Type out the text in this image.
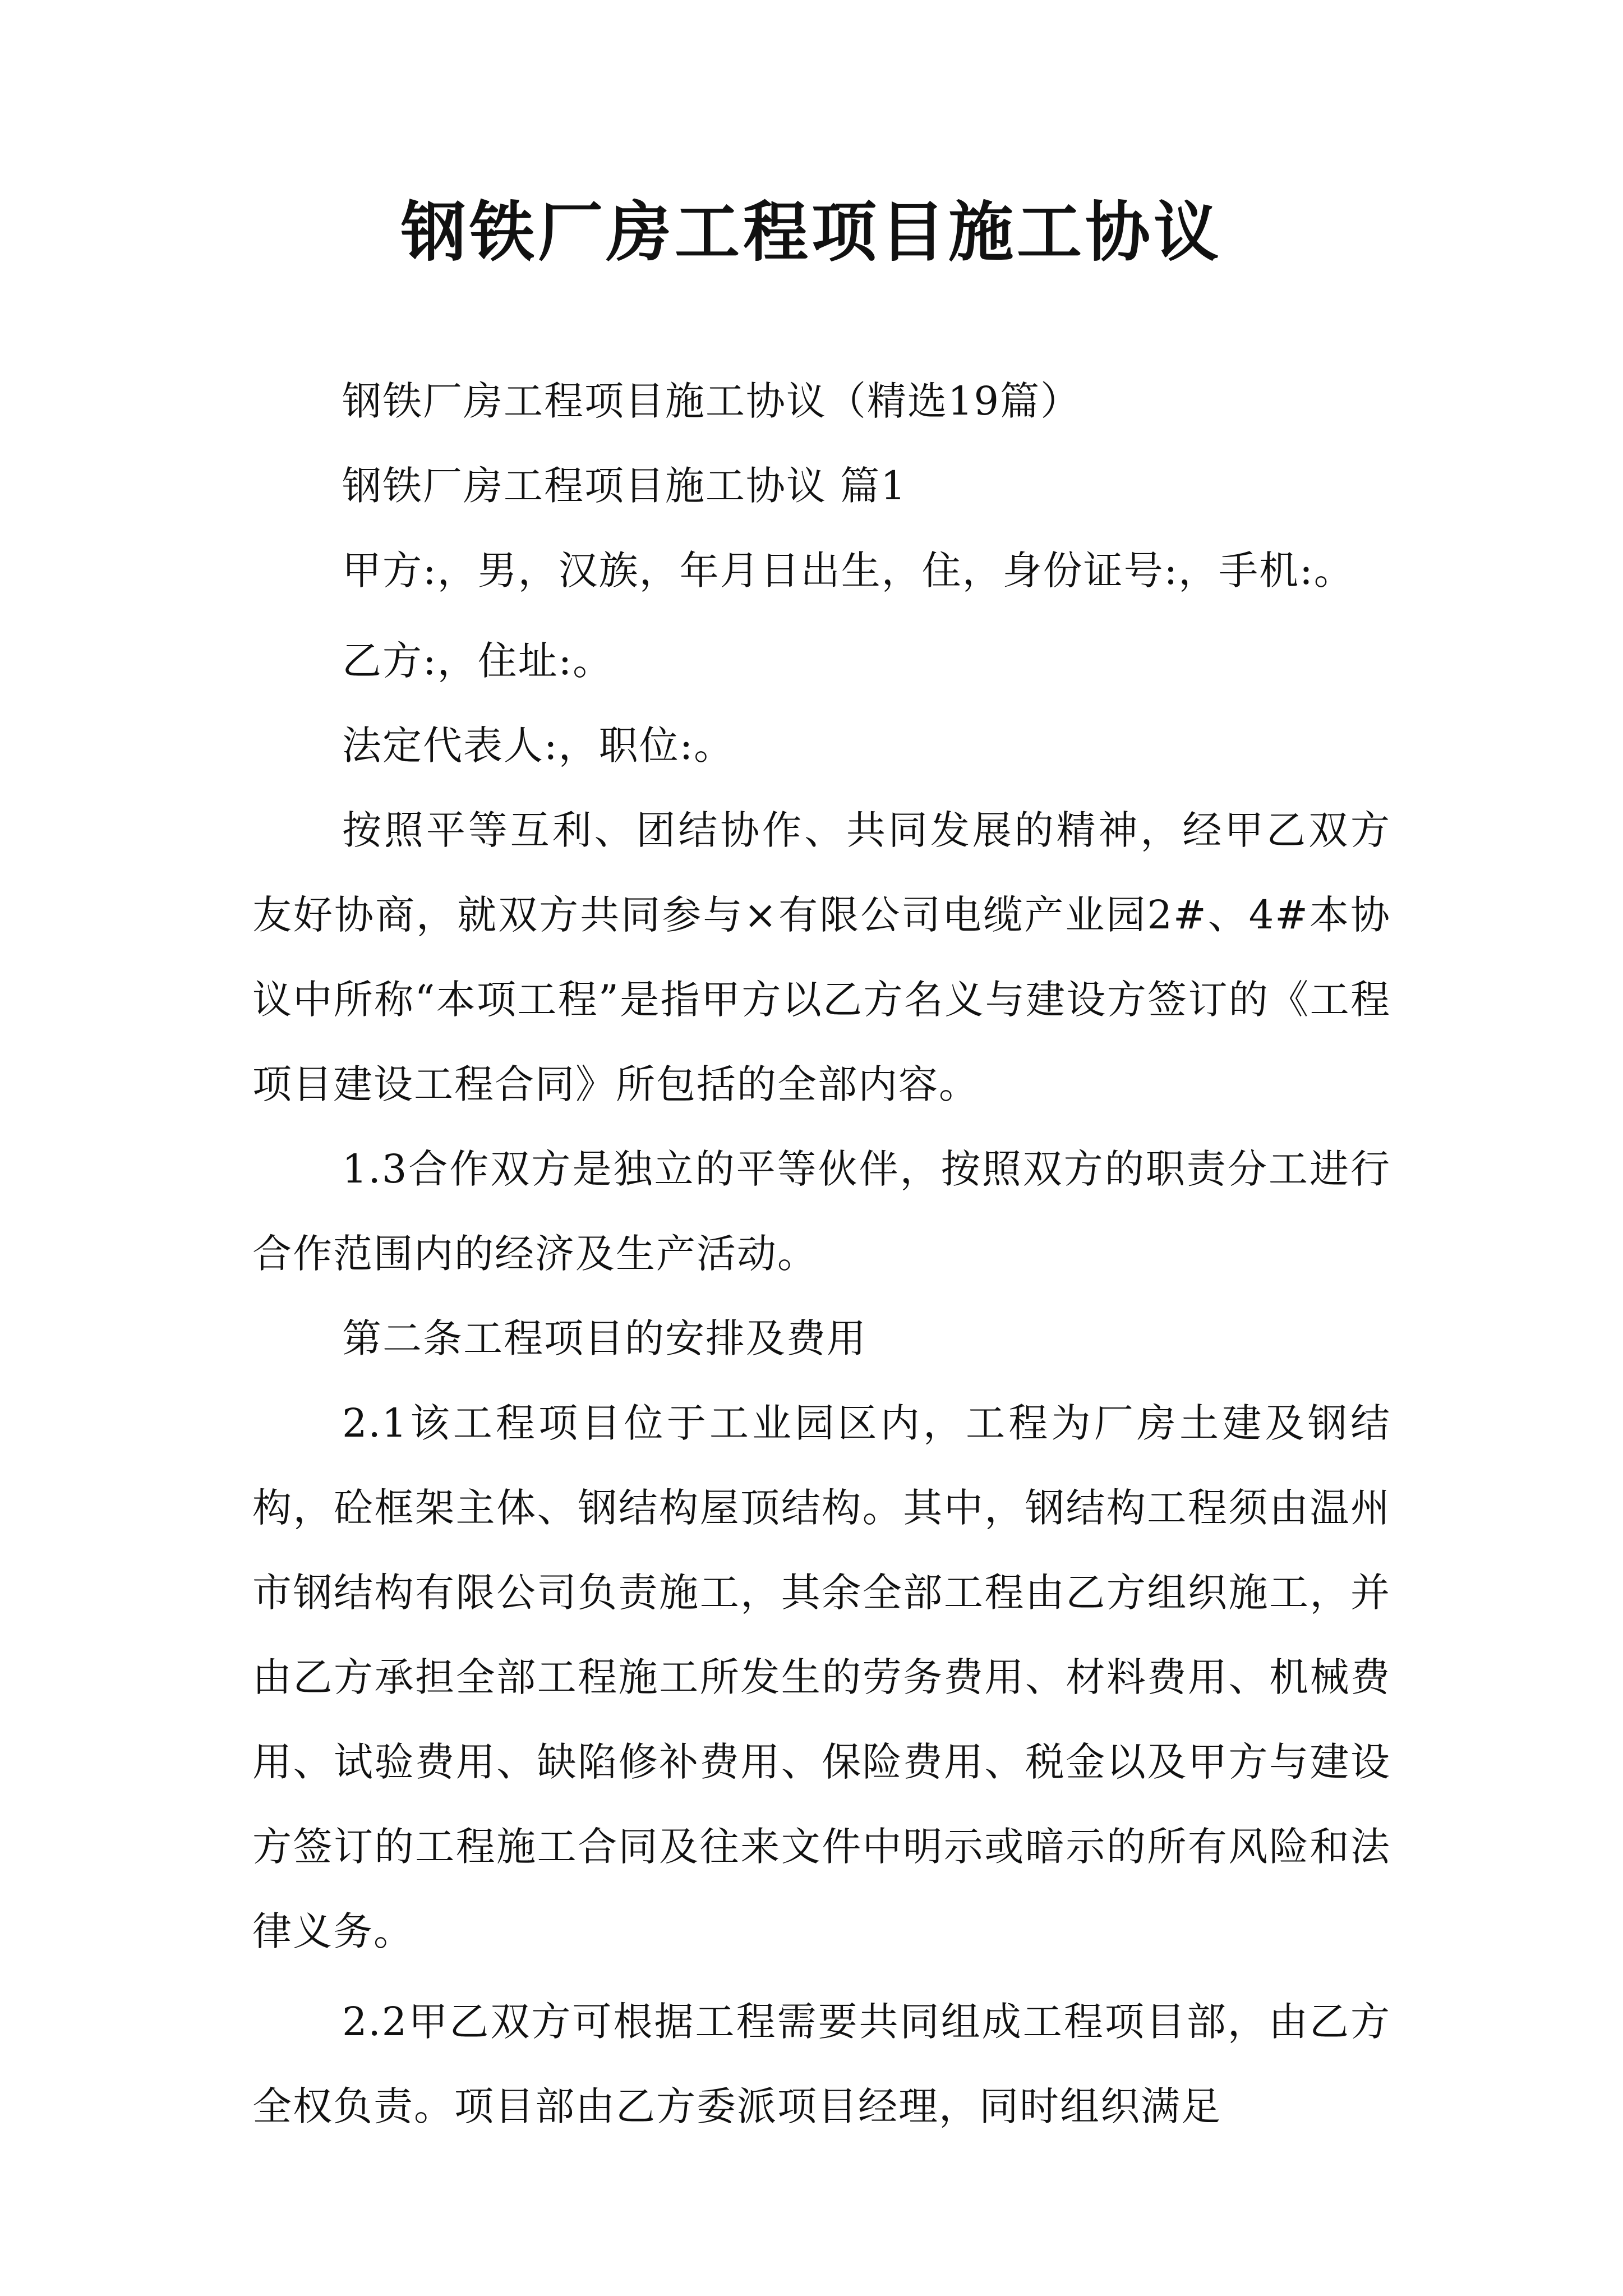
钢铁厂房工程项目施工协议

钢铁厂房工程项目施工协议（精选19篇）

钢铁厂房工程项目施工协议 篇1

甲方:，男，汉族，年月日出生，住，身份证号:，手机:。

乙方:，住址:。

法定代表人:，职位:。

按照平等互利、团结协作、共同发展的精神，经甲乙双方友好协商，就双方共同参与×有限公司电缆产业园2#、4#本协议中所称“本项工程”是指甲方以乙方名义与建设方签订的《工程项目建设工程合同》所包括的全部内容。

1.3合作双方是独立的平等伙伴，按照双方的职责分工进行合作范围内的经济及生产活动。

第二条工程项目的安排及费用

2.1该工程项目位于工业园区内，工程为厂房土建及钢结构，砼框架主体、钢结构屋顶结构。其中，钢结构工程须由温州市钢结构有限公司负责施工，其余全部工程由乙方组织施工，并由乙方承担全部工程施工所发生的劳务费用、材料费用、机械费用、试验费用、缺陷修补费用、保险费用、税金以及甲方与建设方签订的工程施工合同及往来文件中明示或暗示的所有风险和法律义务。

2.2甲乙双方可根据工程需要共同组成工程项目部，由乙方全权负责。项目部由乙方委派项目经理，同时组织满足
